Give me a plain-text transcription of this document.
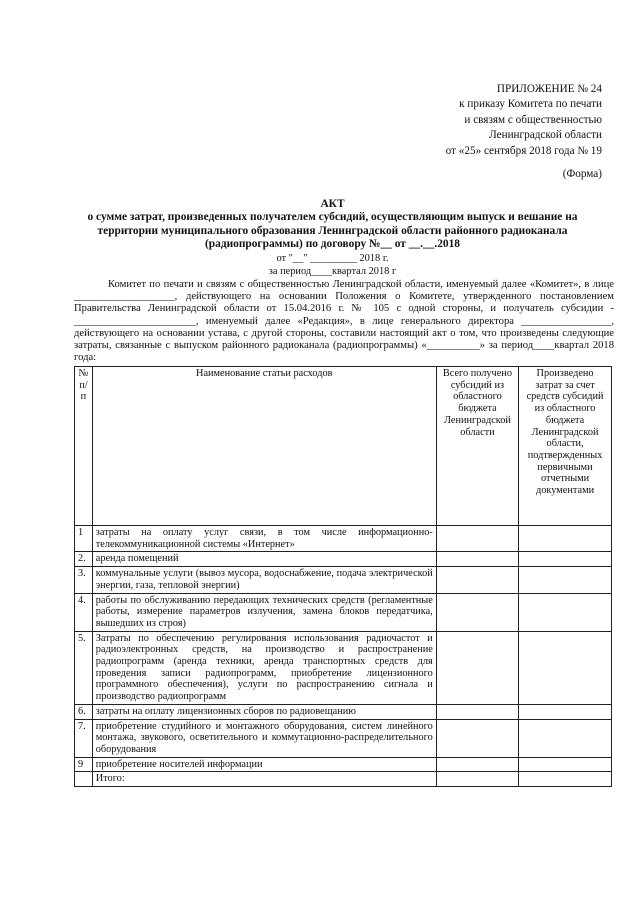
ПРИЛОЖЕНИЕ № 24
к приказу Комитета по печати
и связям с общественностью
Ленинградской области
от «25» сентября 2018 года № 19
(Форма)
АКТ
о сумме затрат, произведенных получателем субсидий, осуществляющим выпуск и вешание на территории муниципального образования Ленинградской области районного радиоканала (радиопрограммы) по договору №__ от __.__.2018
от "__" _________ 2018 г.
за период____квартал 2018 г

Комитет по печати и связям с общественностью Ленинградской области, именуемый далее «Комитет», в лице ___________________, действующего на основании Положения о Комитете, утвержденного постановлением Правительства Ленинградской области от 15.04.2016 г. № 105 с одной стороны, и получатель субсидии -_______________________, именуемый далее «Редакция», в лице генерального директора _________________, действующего на основании устава, с другой стороны, составили настоящий акт о том, что произведены следующие затраты, связанные с выпуском районного радиоканала (радиопрограммы) «__________» за период____квартал 2018 года:

№ п/ п	Наименование статьи расходов	Всего получено субсидий из областного бюджета Ленинградской области	Произведено затрат за счет средств субсидий из областного бюджета Ленинградской области, подтвержденных первичными отчетными документами
1	затраты на оплату услуг связи, в том числе информационно-телекоммуникационной системы «Интернет»		
2.	аренда помещений		
3.	коммунальные услуги (вывоз мусора, водоснабжение, подача электрической энергии, газа, тепловой энергии)		
4.	работы по обслуживанию передающих технических средств (регламентные работы, измерение параметров излучения, замена блоков передатчика, вышедших из строя)		
5.	Затраты по обеспечению регулирования использования радиочастот и радиоэлектронных средств, на производство и распространение радиопрограмм (аренда техники, аренда транспортных средств для проведения записи радиопрограмм, приобретение лицензионного программного обеспечения), услуги по распространению сигнала и производство радиопрограмм		
6.	затраты на оплату лицензионных сборов по радиовещанию		
7.	приобретение студийного и монтажного оборудования, систем линейного монтажа, звукового, осветительного и коммутационно-распределительного оборудования		
9	приобретение носителей информации		
	Итого:		
